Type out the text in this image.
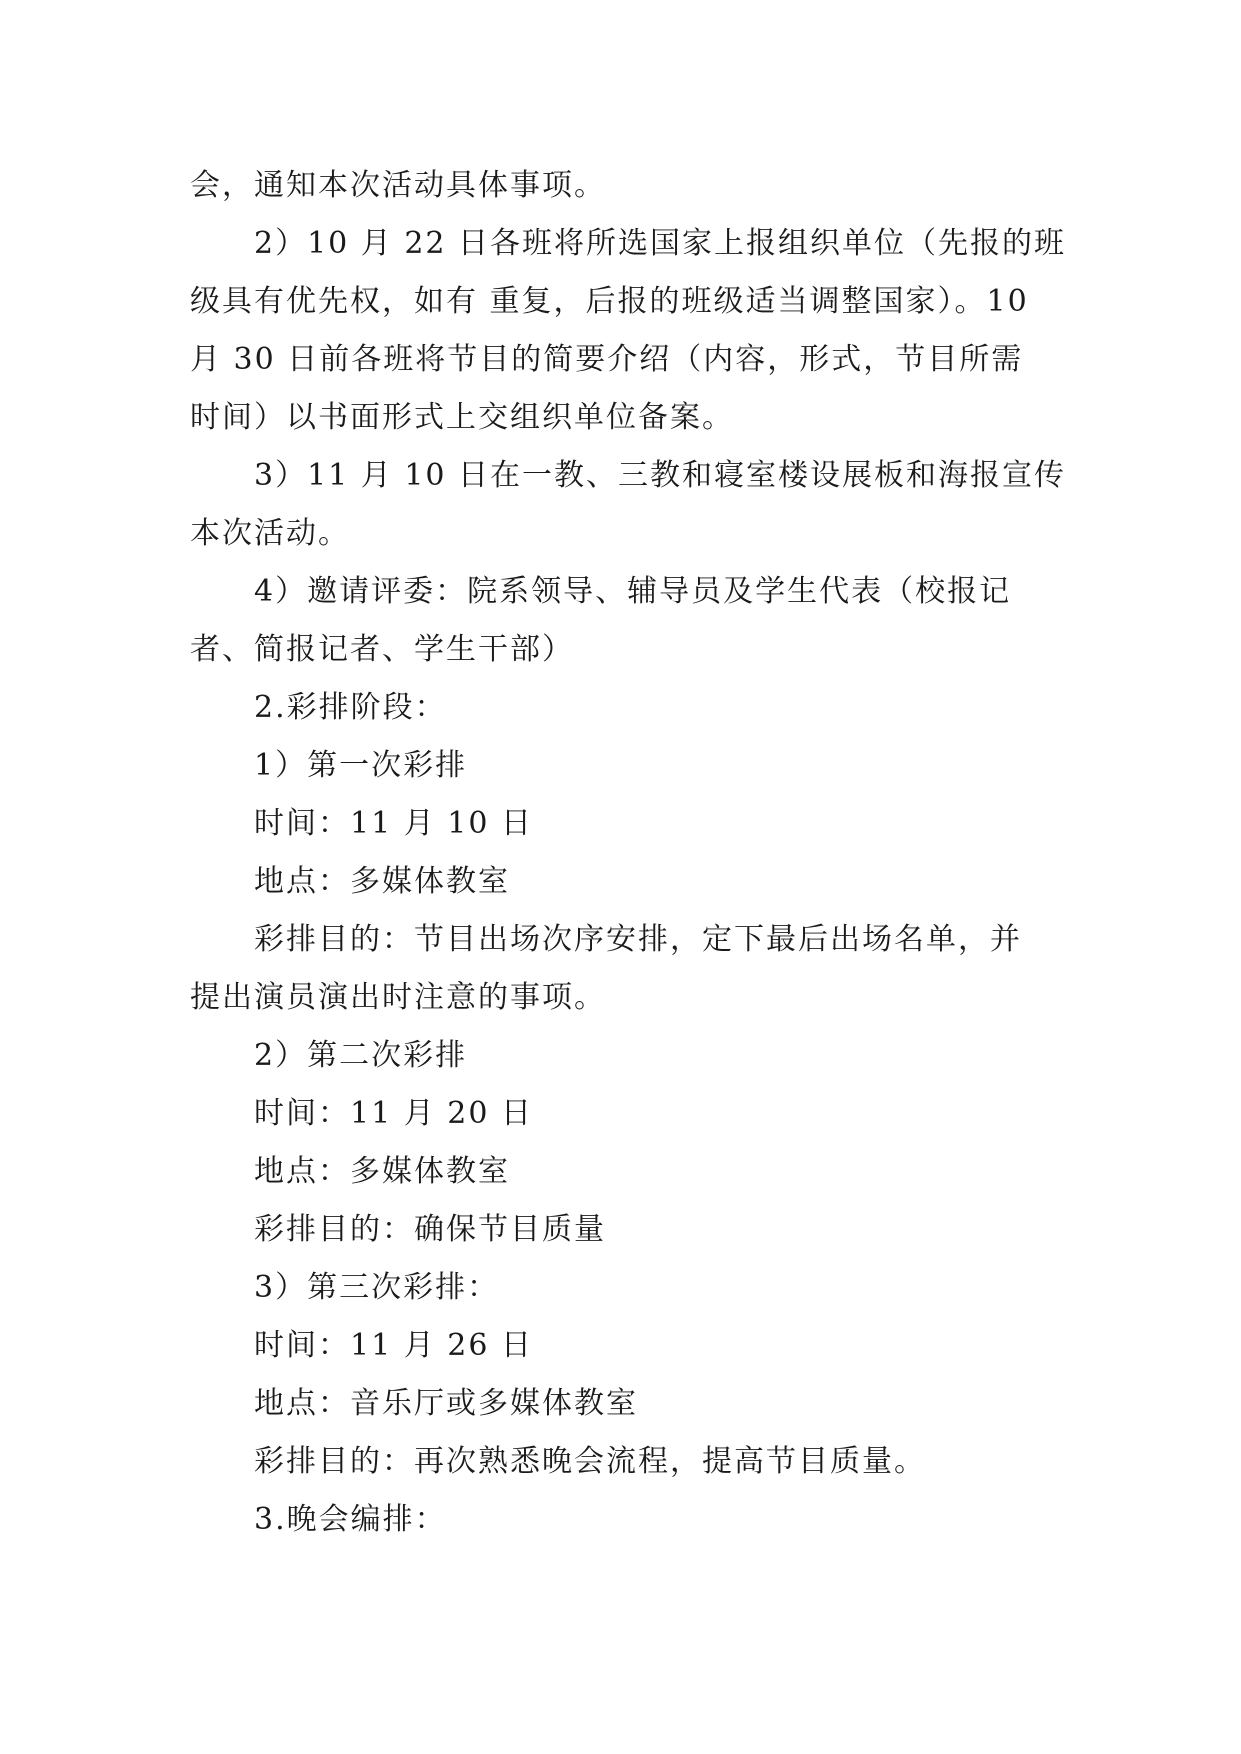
会，通知本次活动具体事项。
2）10 月 22 日各班将所选国家上报组织单位（先报的班
级具有优先权，如有 重复，后报的班级适当调整国家）。10
月 30 日前各班将节目的简要介绍（内容，形式，节目所需
时间）以书面形式上交组织单位备案。
3）11 月 10 日在一教、三教和寝室楼设展板和海报宣传
本次活动。
4）邀请评委：院系领导、辅导员及学生代表（校报记
者、简报记者、学生干部）
2.彩排阶段：
1）第一次彩排
时间：11 月 10 日
地点：多媒体教室
彩排目的：节目出场次序安排，定下最后出场名单，并
提出演员演出时注意的事项。
2）第二次彩排
时间：11 月 20 日
地点：多媒体教室
彩排目的：确保节目质量
3）第三次彩排：
时间：11 月 26 日
地点：音乐厅或多媒体教室
彩排目的：再次熟悉晚会流程，提高节目质量。
3.晚会编排：
